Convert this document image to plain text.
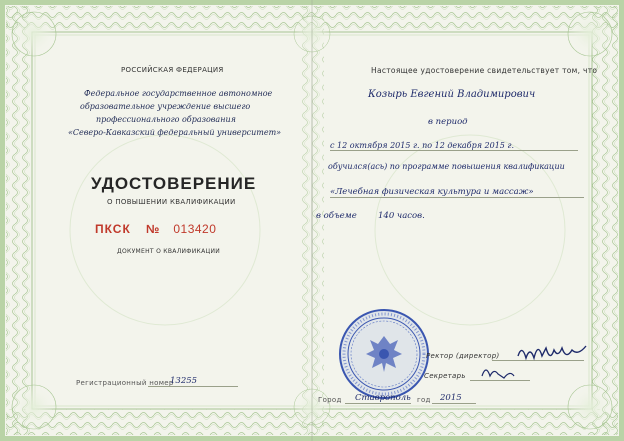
РОССИЙСКАЯ ФЕДЕРАЦИЯ
Федеральное государственное автономное
образовательное учреждение высшего
профессионального образования
«Северо-Кавказский федеральный университет»
УДОСТОВЕРЕНИЕ
О ПОВЫШЕНИИ КВАЛИФИКАЦИИ
ПКСК № 013420
ДОКУМЕНТ О КВАЛИФИКАЦИИ
Регистрационный номер
13255
Настоящее удостоверение свидетельствует том, что
Козырь Евгений Владимирович
в период
с 12 октября 2015 г. по 12 декабря 2015 г.
обучился(ась) по программе повышения квалификации
«Лечебная физическая культура и массаж»
в объеме	140 часов.
Ректор (директор)
Секретарь
Город	Ставрополь год	2015
